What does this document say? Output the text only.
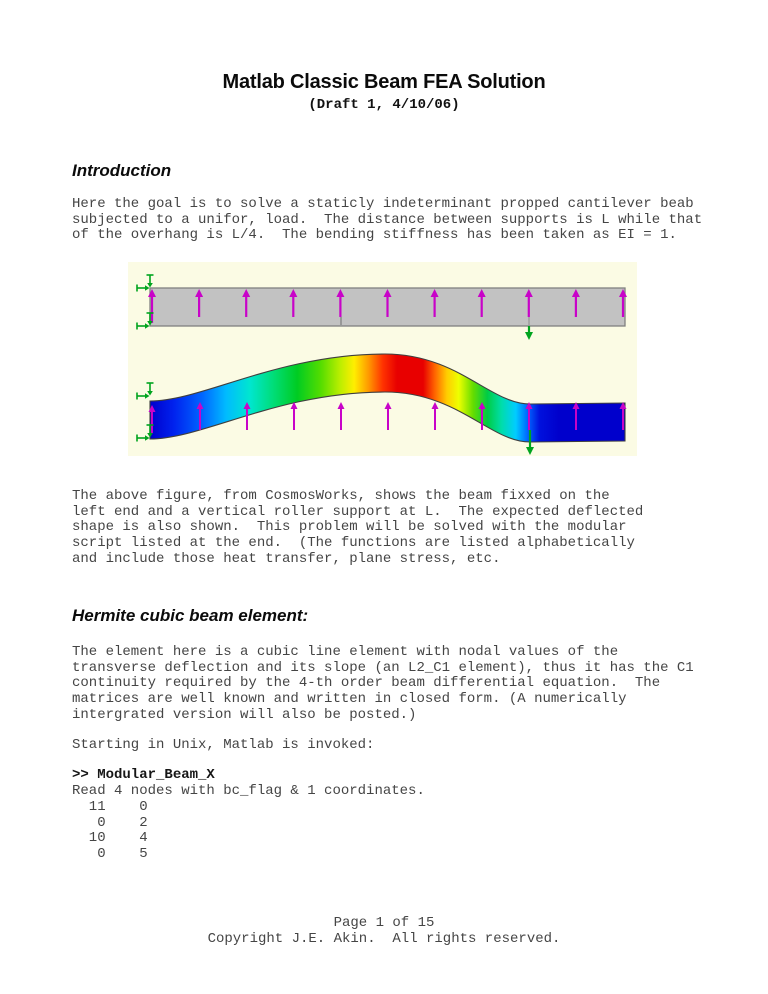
Matlab Classic Beam FEA Solution
(Draft 1, 4/10/06)
Introduction
Here the goal is to solve a staticly indeterminant propped cantilever beab
subjected to a unifor, load.  The distance between supports is L while that
of the overhang is L/4.  The bending stiffness has been taken as EI = 1.
The above figure, from CosmosWorks, shows the beam fixxed on the
left end and a vertical roller support at L.  The expected deflected
shape is also shown.  This problem will be solved with the modular
script listed at the end.  (The functions are listed alphabetically
and include those heat transfer, plane stress, etc.
Hermite cubic beam element:
The element here is a cubic line element with nodal values of the
transverse deflection and its slope (an L2_C1 element), thus it has the C1
continuity required by the 4-th order beam differential equation.  The
matrices are well known and written in closed form. (A numerically
intergrated version will also be posted.)
Starting in Unix, Matlab is invoked:
>> Modular_Beam_X
Read 4 nodes with bc_flag & 1 coordinates.
11    0
0    2
10    4
0    5
Page 1 of 15
Copyright J.E. Akin.  All rights reserved.
